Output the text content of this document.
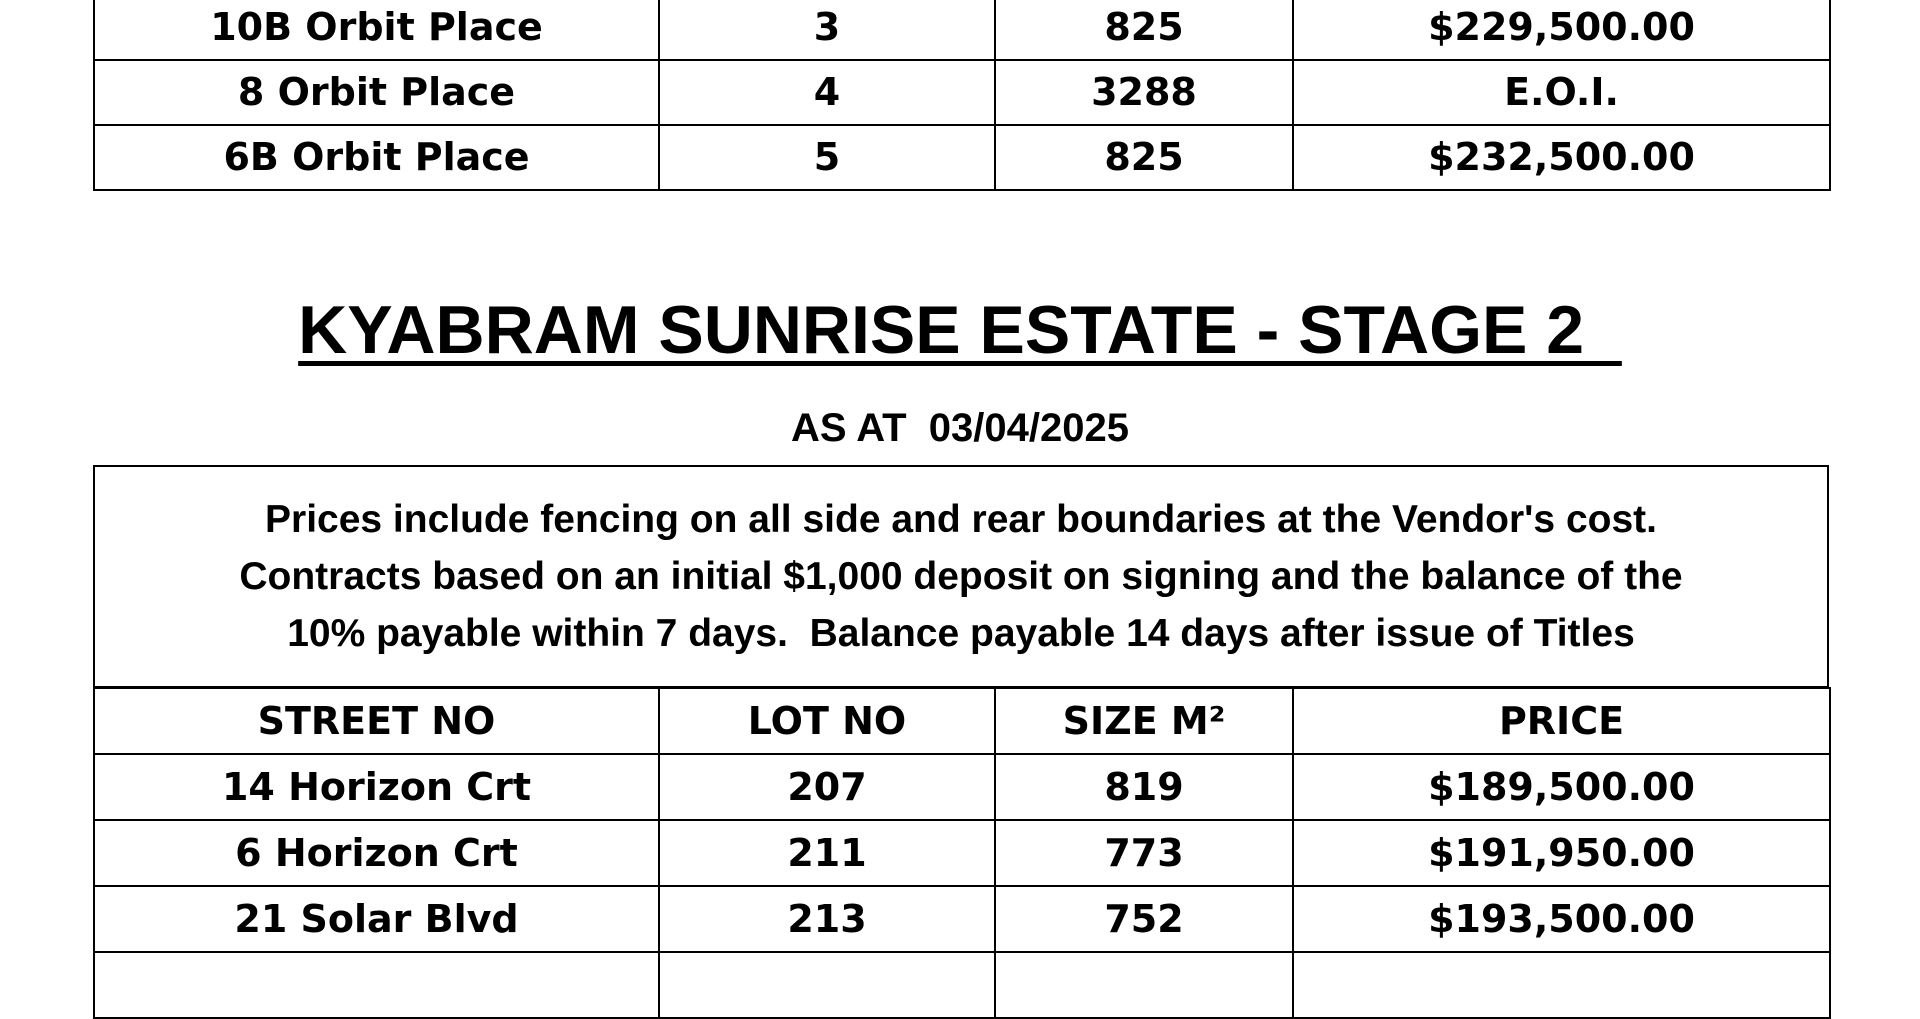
10B Orbit Place	3	825	$229,500.00
8 Orbit Place	4	3288	E.O.I.
6B Orbit Place	5	825	$232,500.00
KYABRAM SUNRISE ESTATE - STAGE 2
AS AT  03/04/2025

Prices include fencing on all side and rear boundaries at the Vendor's cost.

Contracts based on an initial $1,000 deposit on signing and the balance of the

10% payable within 7 days.  Balance payable 14 days after issue of Titles

STREET NO	LOT NO	SIZE M²	PRICE
14 Horizon Crt	207	819	$189,500.00
6 Horizon Crt	211	773	$191,950.00
21 Solar Blvd	213	752	$193,500.00
